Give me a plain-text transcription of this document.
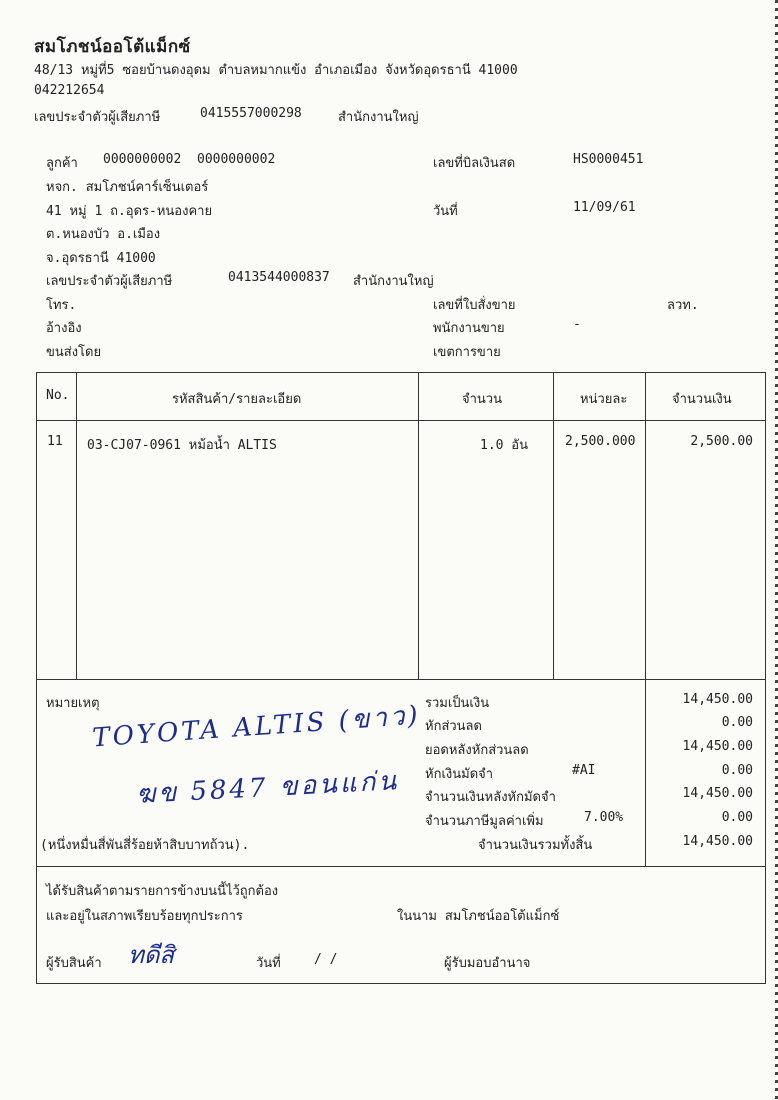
สมโภชน์ออโต้แม็กซ์
48/13 หมู่ที่5 ซอยบ้านดงอุดม ตำบลหมากแข้ง อำเภอเมือง จังหวัดอุดรธานี 41000
042212654
เลขประจำตัวผู้เสียภาษี	0415557000298	สำนักงานใหญ่
ลูกค้า 0000000002 0000000002
หจก. สมโภชน์คาร์เซ็นเตอร์
41 หมู่ 1 ถ.อุดร-หนองคาย
ต.หนองบัว อ.เมือง
จ.อุดรธานี 41000
เลขประจำตัวผู้เสียภาษี	0413544000837 สำนักงานใหญ่
โทร.
อ้างอิง
ขนส่งโดย
เลขที่บิลเงินสด	HS0000451
วันที่	11/09/61
เลขที่ใบสั่งขาย	ลวท.
พนักงานขาย	-
เขตการขาย
No.	รหัสสินค้า/รายละเอียด	จำนวน	หน่วยละ	จำนวนเงิน
11 03-CJ07-0961 หม้อน้ำ ALTIS	1.0 อัน	2,500.000	2,500.00
หมายเหตุ	รวมเป็นเงิน	14,450.00
หักส่วนลด	0.00
ยอดหลังหักส่วนลด	14,450.00
หักเงินมัดจำ	#AI	0.00
จำนวนเงินหลังหักมัดจำ	14,450.00
จำนวนภาษีมูลค่าเพิ่ม	7.00%	0.00
(หนึ่งหมื่นสี่พันสี่ร้อยห้าสิบบาทถ้วน).	จำนวนเงินรวมทั้งสิ้น	14,450.00
TOYOTA ALTIS (ขาว)
ฆข 5847 ขอนแก่น
ได้รับสินค้าตามรายการข้างบนนี้ไว้ถูกต้อง
และอยู่ในสภาพเรียบร้อยทุกประการ	ในนาม สมโภชน์ออโต้แม็กซ์
ผู้รับสินค้า ทดีสิ	วันที่	/ /	ผู้รับมอบอำนาจ
